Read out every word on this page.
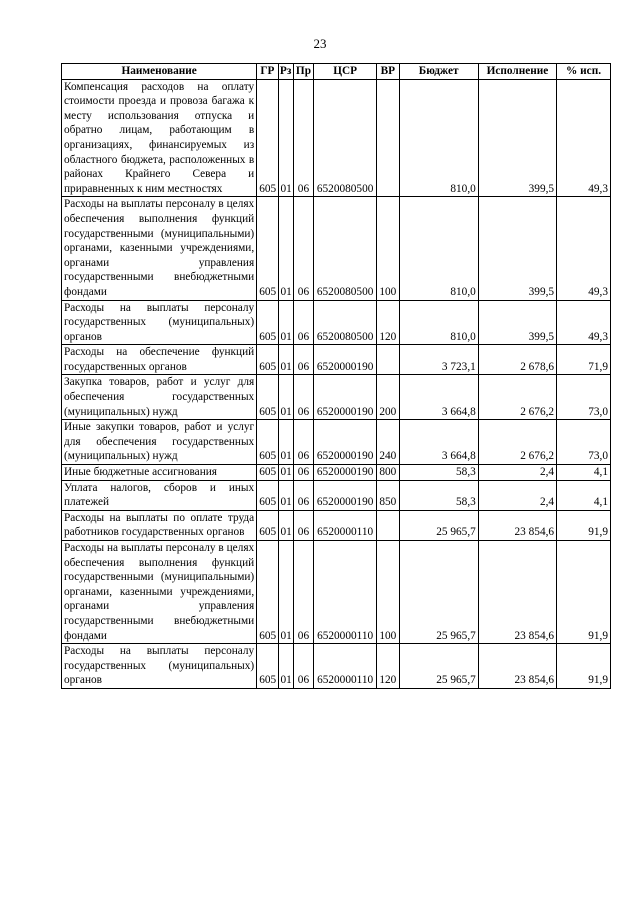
23
Наименование	ГР	Рз	Пр	ЦСР	ВР	Бюджет	Исполнение	% исп.
Компенсация расходов на оплату стоимости проезда и провоза багажа к месту использования отпуска и обратно лицам, работающим в организациях, финансируемых из областного бюджета, расположенных в районах Крайнего Севера и приравненных к ним местностях	605	01	06	6520080500		810,0	399,5	49,3
Расходы на выплаты персоналу в целях обеспечения выполнения функций государственными (муниципальными) органами, казенными учреждениями, органами управления государственными внебюджетными фондами	605	01	06	6520080500	100	810,0	399,5	49,3
Расходы на выплаты персоналу государственных (муниципальных) органов	605	01	06	6520080500	120	810,0	399,5	49,3
Расходы на обеспечение функций государственных органов	605	01	06	6520000190		3 723,1	2 678,6	71,9
Закупка товаров, работ и услуг для обеспечения государственных (муниципальных) нужд	605	01	06	6520000190	200	3 664,8	2 676,2	73,0
Иные закупки товаров, работ и услуг для обеспечения государственных (муниципальных) нужд	605	01	06	6520000190	240	3 664,8	2 676,2	73,0
Иные бюджетные ассигнования	605	01	06	6520000190	800	58,3	2,4	4,1
Уплата налогов, сборов и иных платежей	605	01	06	6520000190	850	58,3	2,4	4,1
Расходы на выплаты по оплате труда работников государственных органов	605	01	06	6520000110		25 965,7	23 854,6	91,9
Расходы на выплаты персоналу в целях обеспечения выполнения функций государственными (муниципальными) органами, казенными учреждениями, органами управления государственными внебюджетными фондами	605	01	06	6520000110	100	25 965,7	23 854,6	91,9
Расходы на выплаты персоналу государственных (муниципальных) органов	605	01	06	6520000110	120	25 965,7	23 854,6	91,9
